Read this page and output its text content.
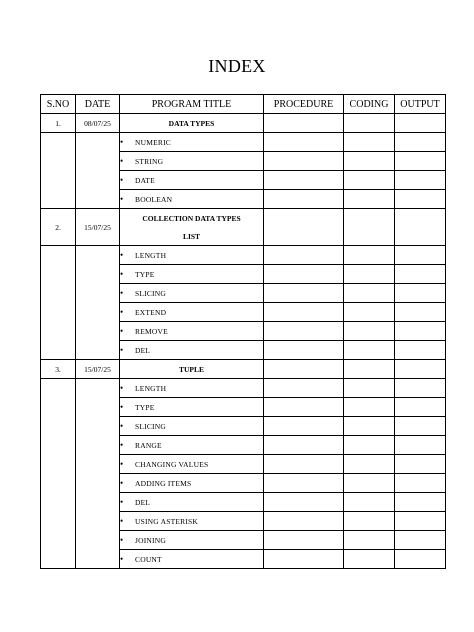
INDEX
S.NO	DATE	PROGRAM TITLE	PROCEDURE	CODING	OUTPUT
1.	08/07/25	DATA TYPES			
		• NUMERIC			
		• STRING			
		• DATE			
		• BOOLEAN			
2.	15/07/25	COLLECTION DATA TYPES			
		LIST			
		• LENGTH			
		• TYPE			
		• SLICING			
		• EXTEND			
		• REMOVE			
		• DEL			
3.	15/07/25	TUPLE			
		• LENGTH			
		• TYPE			
		• SLICING			
		• RANGE			
		• CHANGING VALUES			
		• ADDING ITEMS			
		• DEL			
		• USING ASTERISK			
		• JOINING			
		• COUNT			
